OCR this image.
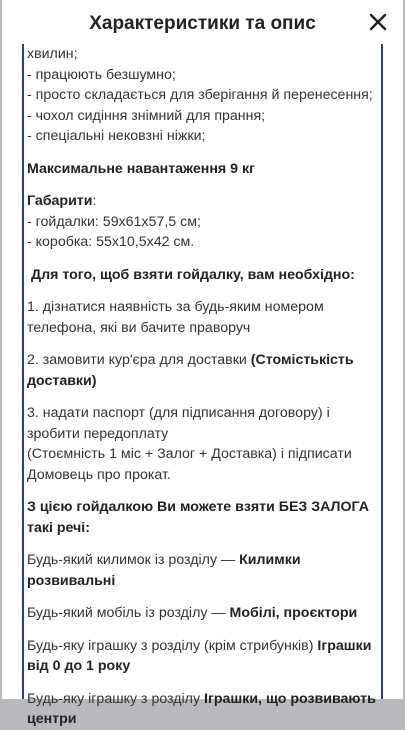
Характеристики та опис

хвилин;

- працюють безшумно;

- просто складається для зберігання й перенесення;

- чохол сидіння знімний для прання;

- спеціальні нековзні ніжки;

Максимальне навантаження 9 кг

Габарити:

- гойдалки: 59х61х57,5 см;

- коробка: 55х10,5х42 см.

Для того, щоб взяти гойдалку, вам необхідно:

1. дізнатися наявність за будь-яким номером телефона, які ви бачите праворуч

2. замовити кур'єра для доставки (Стомістькість доставки)

3. надати паспорт (для підписання договору) і зробити передоплату

(Стоємність 1 міс + Залог + Доставка) і підписати Домовець про прокат.

З цією гойдалкою Ви можете взяти БЕЗ ЗАЛОГА такі речі:

Будь-який килимок із розділу — Килимки розвивальні

Будь-який мобіль із розділу — Мобілі, проєктори

Будь-яку іграшку з розділу (крім стрибунків) Іграшки від 0 до 1 року

Будь-яку іграшку з розділу Іграшки, що розвивають центри
